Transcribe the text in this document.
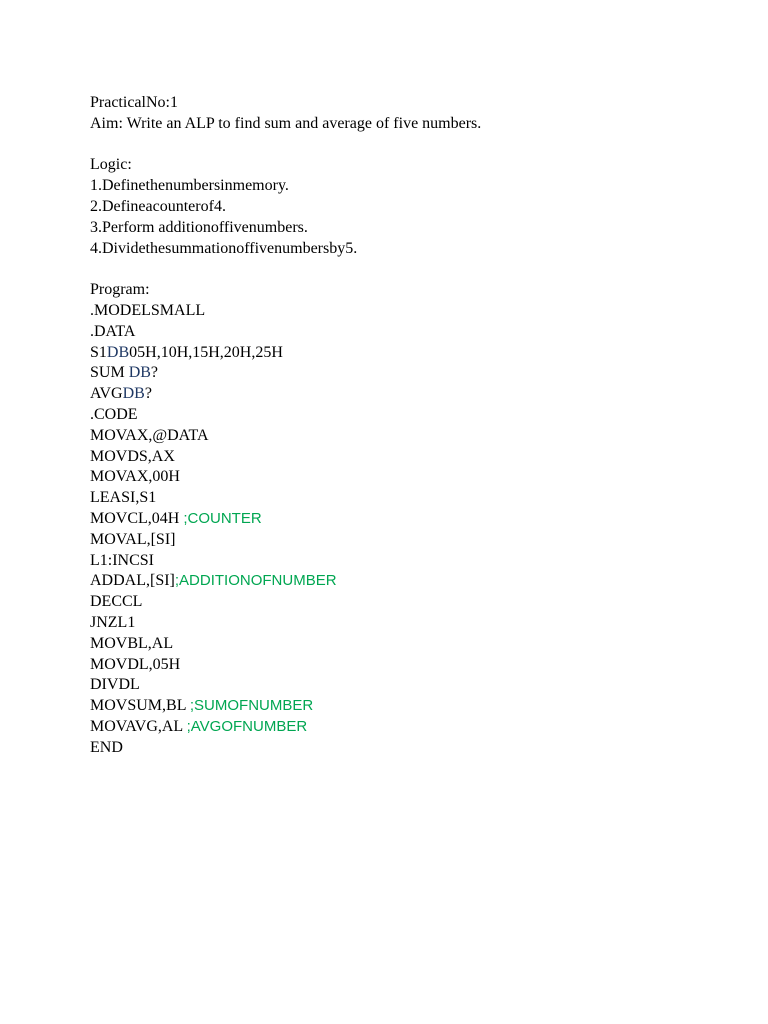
PracticalNo:1
Aim: Write an ALP to find sum and average of five numbers.
Logic:
1.Definethenumbersinmemory.
2.Defineacounterof4.
3.Perform additionoffivenumbers.
4.Dividethesummationoffivenumbersby5.
Program:
.MODELSMALL
.DATA
S1DB05H,10H,15H,20H,25H
SUM DB?
AVGDB?
.CODE
MOVAX,@DATA
MOVDS,AX
MOVAX,00H
LEASI,S1
MOVCL,04H ;COUNTER
MOVAL,[SI]
L1:INCSI
ADDAL,[SI];ADDITIONOFNUMBER
DECCL
JNZL1
MOVBL,AL
MOVDL,05H
DIVDL
MOVSUM,BL ;SUMOFNUMBER
MOVAVG,AL ;AVGOFNUMBER
END
